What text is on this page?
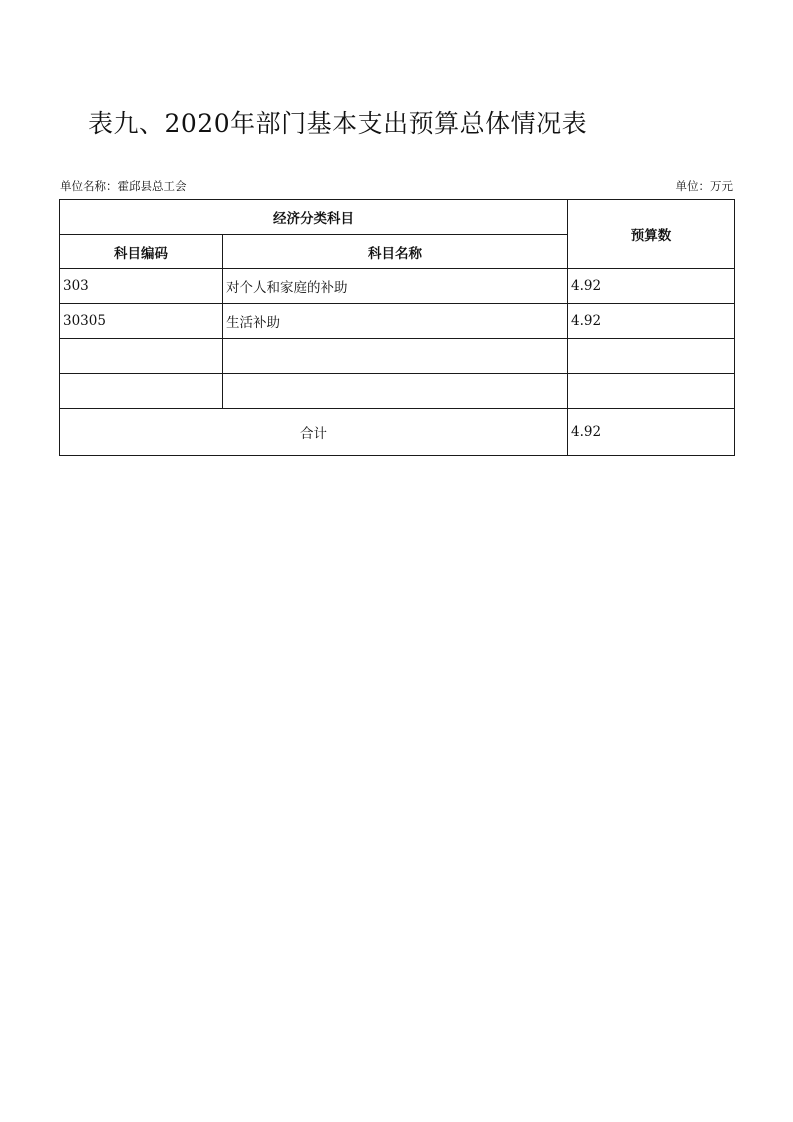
表九、2020年部门基本支出预算总体情况表
单位名称：霍邱县总工会	单位：万元
经济分类科目		预算数
科目编码	科目名称	
303	对个人和家庭的补助	4.92
30305	生活补助	4.92

合计		4.92
